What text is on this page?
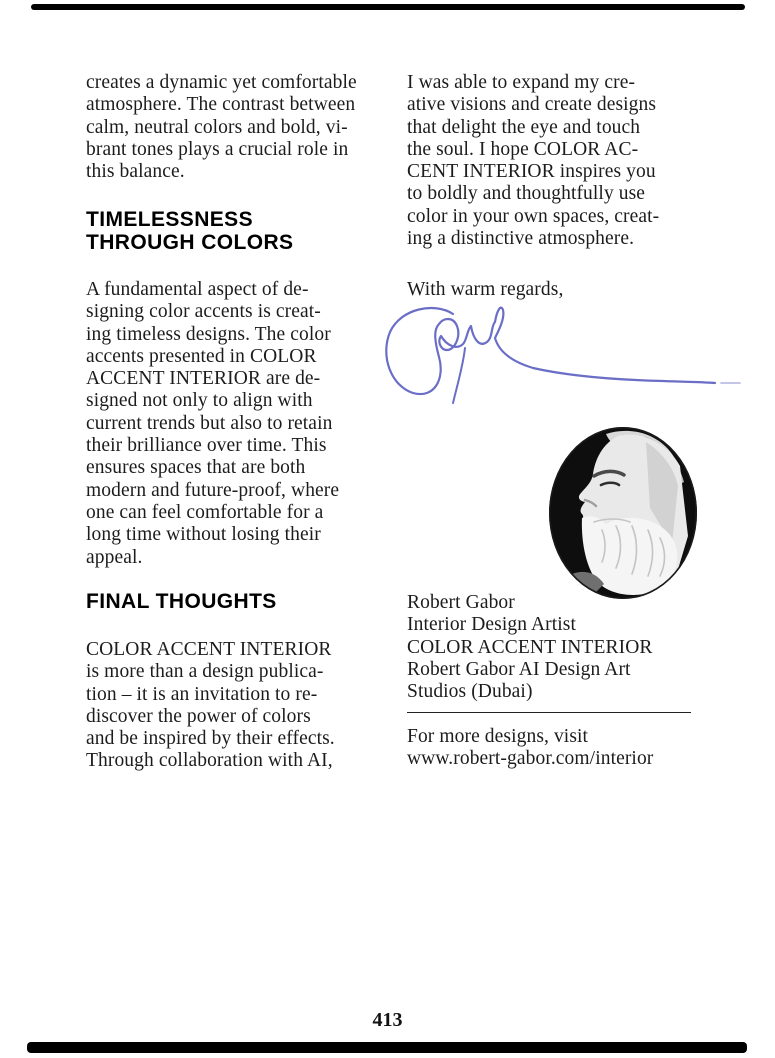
creates a dynamic yet comfortable
atmosphere. The contrast between
calm, neutral colors and bold, vi-
brant tones plays a crucial role in
this balance.

TIMELESSNESS
THROUGH COLORS

A fundamental aspect of de-
signing color accents is creat-
ing timeless designs. The color
accents presented in COLOR
ACCENT INTERIOR are de-
signed not only to align with
current trends but also to retain
their brilliance over time. This
ensures spaces that are both
modern and future-proof, where
one can feel comfortable for a
long time without losing their
appeal.

FINAL THOUGHTS

COLOR ACCENT INTERIOR
is more than a design publica-
tion – it is an invitation to re-
discover the power of colors
and be inspired by their effects.
Through collaboration with AI,

I was able to expand my cre-
ative visions and create designs
that delight the eye and touch
the soul. I hope COLOR AC-
CENT INTERIOR inspires you
to boldly and thoughtfully use
color in your own spaces, creat-
ing a distinctive atmosphere.

With warm regards,

Robert Gabor
Interior Design Artist
COLOR ACCENT INTERIOR
Robert Gabor AI Design Art
Studios (Dubai)

For more designs, visit
www.robert-gabor.com/interior

413
